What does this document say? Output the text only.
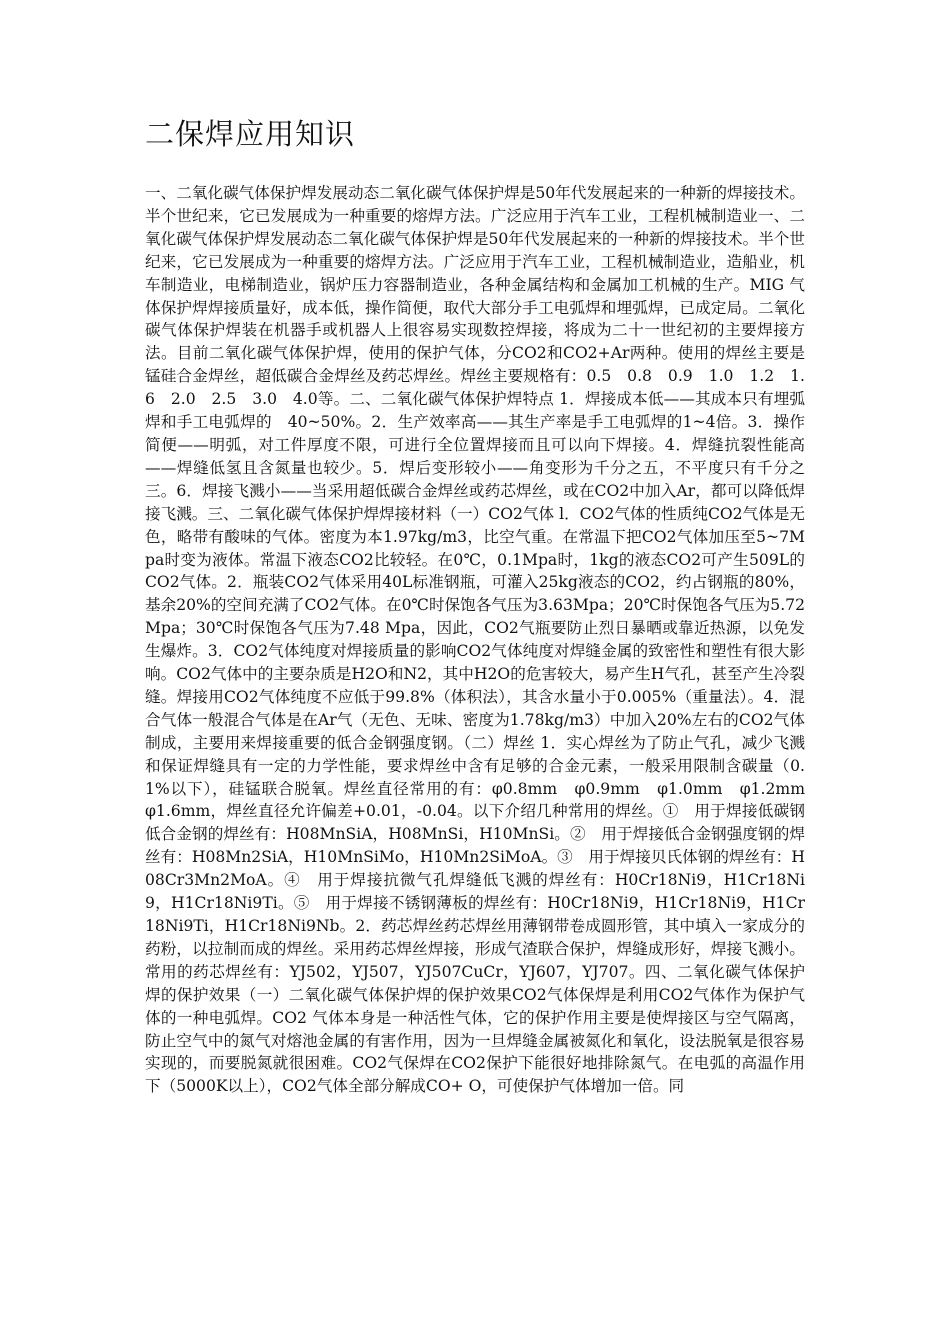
二保焊应用知识

一、二氧化碳气体保护焊发展动态二氧化碳气体保护焊是50年代发展起来的一种新的焊接技术。半个世纪来，它已发展成为一种重要的熔焊方法。广泛应用于汽车工业，工程机械制造业一、二氧化碳气体保护焊发展动态二氧化碳气体保护焊是50年代发展起来的一种新的焊接技术。半个世纪来，它已发展成为一种重要的熔焊方法。广泛应用于汽车工业，工程机械制造业，造船业，机车制造业，电梯制造业，锅炉压力容器制造业，各种金属结构和金属加工机械的生产。MIG 气体保护焊焊接质量好，成本低，操作简便，取代大部分手工电弧焊和埋弧焊，已成定局。二氧化碳气体保护焊装在机器手或机器人上很容易实现数控焊接，将成为二十一世纪初的主要焊接方法。目前二氧化碳气体保护焊，使用的保护气体，分CO2和CO2+Ar两种。使用的焊丝主要是锰硅合金焊丝，超低碳合金焊丝及药芯焊丝。焊丝主要规格有：0.5　0.8　0.9　1.0　1.2　1.6　2.0　2.5　3.0　4.0等。二、二氧化碳气体保护焊特点 1．焊接成本低——其成本只有埋弧焊和手工电弧焊的　40~50%。2．生产效率高——其生产率是手工电弧焊的1~4倍。3．操作简便——明弧，对工件厚度不限，可进行全位置焊接而且可以向下焊接。4．焊缝抗裂性能高——焊缝低氢且含氮量也较少。5．焊后变形较小——角变形为千分之五，不平度只有千分之三。6．焊接飞溅小——当采用超低碳合金焊丝或药芯焊丝，或在CO2中加入Ar，都可以降低焊接飞溅。三、二氧化碳气体保护焊焊接材料（一）CO2气体 l．CO2气体的性质纯CO2气体是无色，略带有酸味的气体。密度为本1.97kg/m3，比空气重。在常温下把CO2气体加压至5~7Mpa时变为液体。常温下液态CO2比较轻。在0℃，0.1Mpa时，1kg的液态CO2可产生509L的CO2气体。2．瓶装CO2气体采用40L标准钢瓶，可灌入25kg液态的CO2，约占钢瓶的80%，基余20%的空间充满了CO2气体。在0℃时保饱各气压为3.63Mpa；20℃时保饱各气压为5.72Mpa；30℃时保饱各气压为7.48 Mpa，因此，CO2气瓶要防止烈日暴晒或靠近热源，以免发生爆炸。3．CO2气体纯度对焊接质量的影响CO2气体纯度对焊缝金属的致密性和塑性有很大影响。CO2气体中的主要杂质是H2O和N2，其中H2O的危害较大，易产生H气孔，甚至产生冷裂缝。焊接用CO2气体纯度不应低于99.8%（体积法），其含水量小于0.005%（重量法）。4．混合气体一般混合气体是在Ar气（无色、无味、密度为1.78kg/m3）中加入20%左右的CO2气体制成，主要用来焊接重要的低合金钢强度钢。（二）焊丝 1．实心焊丝为了防止气孔，减少飞溅和保证焊缝具有一定的力学性能，要求焊丝中含有足够的合金元素，一般采用限制含碳量（0.1%以下），硅锰联合脱氧。焊丝直径常用的有：φ0.8mm　φ0.9mm　φ1.0mm　φ1.2mm　φ1.6mm，焊丝直径允许偏差+0.01，-0.04。以下介绍几种常用的焊丝。①　用于焊接低碳钢低合金钢的焊丝有：H08MnSiA，H08MnSi，H10MnSi。②　用于焊接低合金钢强度钢的焊丝有：H08Mn2SiA，H10MnSiMo，H10Mn2SiMoA。③　用于焊接贝氏体钢的焊丝有：H08Cr3Mn2MoA。④　用于焊接抗微气孔焊缝低飞溅的焊丝有：H0Cr18Ni9，H1Cr18Ni9，H1Cr18Ni9Ti。⑤　用于焊接不锈钢薄板的焊丝有：H0Cr18Ni9，H1Cr18Ni9，H1Cr18Ni9Ti，H1Cr18Ni9Nb。2．药芯焊丝药芯焊丝用薄钢带卷成圆形管，其中填入一家成分的药粉，以拉制而成的焊丝。采用药芯焊丝焊接，形成气渣联合保护，焊缝成形好，焊接飞溅小。常用的药芯焊丝有：YJ502，YJ507，YJ507CuCr，YJ607，YJ707。四、二氧化碳气体保护焊的保护效果（一）二氧化碳气体保护焊的保护效果CO2气体保焊是利用CO2气体作为保护气体的一种电弧焊。CO2 气体本身是一种活性气体，它的保护作用主要是使焊接区与空气隔离，防止空气中的氮气对熔池金属的有害作用，因为一旦焊缝金属被氮化和氧化，设法脱氧是很容易实现的，而要脱氮就很困难。CO2气保焊在CO2保护下能很好地排除氮气。在电弧的高温作用下（5000K以上），CO2气体全部分解成CO+ O，可使保护气体增加一倍。同
